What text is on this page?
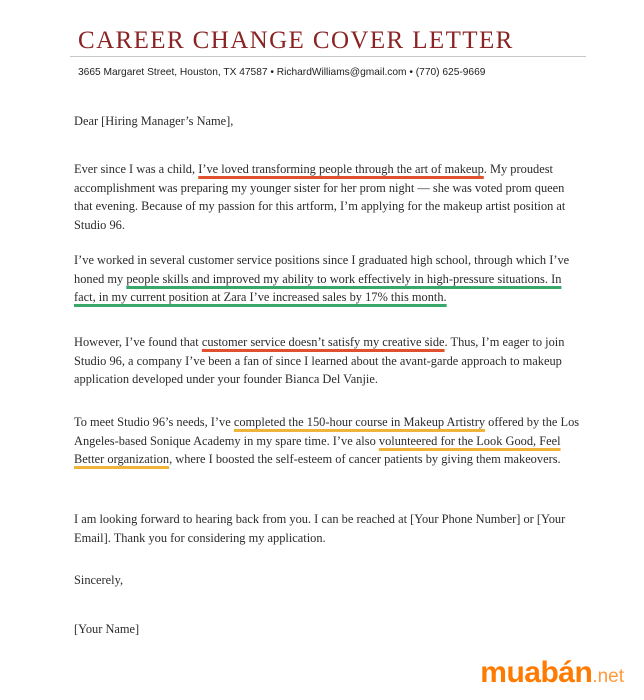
CAREER CHANGE COVER LETTER
3665 Margaret Street, Houston, TX 47587 • RichardWilliams@gmail.com • (770) 625-9669

Dear [Hiring Manager’s Name],

Ever since I was a child, I’ve loved transforming people through the art of makeup. My proudest accomplishment was preparing my younger sister for her prom night — she was voted prom queen that evening. Because of my passion for this artform, I’m applying for the makeup artist position at Studio 96.

I’ve worked in several customer service positions since I graduated high school, through which I’ve honed my people skills and improved my ability to work effectively in high-pressure situations. In fact, in my current position at Zara I’ve increased sales by 17% this month.

However, I’ve found that customer service doesn’t satisfy my creative side. Thus, I’m eager to join Studio 96, a company I’ve been a fan of since I learned about the avant-garde approach to makeup application developed under your founder Bianca Del Vanjie.

To meet Studio 96’s needs, I’ve completed the 150-hour course in Makeup Artistry offered by the Los Angeles-based Sonique Academy in my spare time. I’ve also volunteered for the Look Good, Feel Better organization, where I boosted the self-esteem of cancer patients by giving them makeovers.

I am looking forward to hearing back from you. I can be reached at [Your Phone Number] or [Your Email]. Thank you for considering my application.

Sincerely,

[Your Name]

muabán.net
